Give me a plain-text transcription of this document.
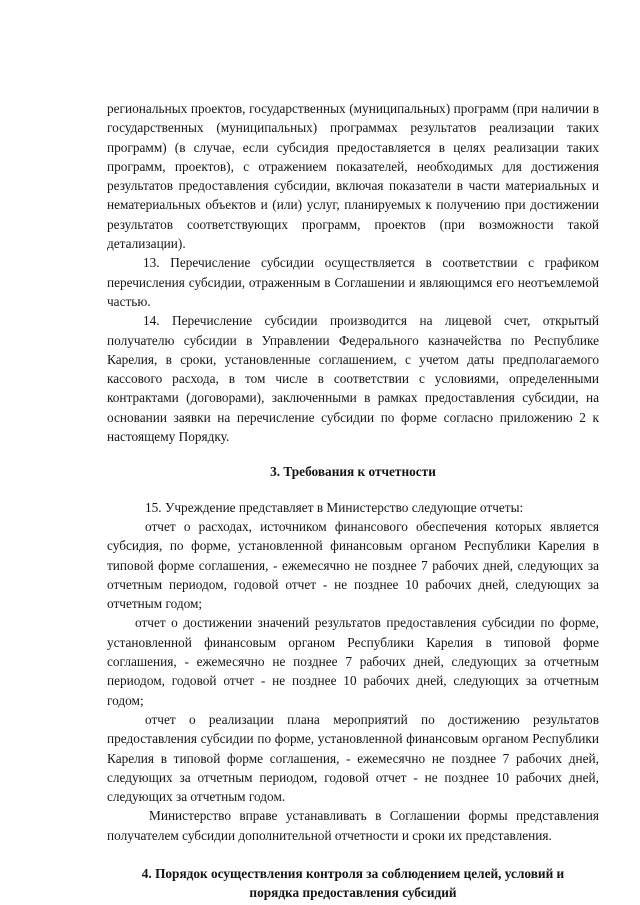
региональных проектов, государственных (муниципальных) программ (при наличии в государственных (муниципальных) программах результатов реализации таких программ) (в случае, если субсидия предоставляется в целях реализации таких программ, проектов), с отражением показателей, необходимых для достижения результатов предоставления субсидии, включая показатели в части материальных и нематериальных объектов и (или) услуг, планируемых к получению при достижении результатов соответствующих программ, проектов (при возможности такой детализации).

13. Перечисление субсидии осуществляется в соответствии с графиком перечисления субсидии, отраженным в Соглашении и являющимся его неотъемлемой частью.

14. Перечисление субсидии производится на лицевой счет, открытый получателю субсидии в Управлении Федерального казначейства по Республике Карелия, в сроки, установленные соглашением, с учетом даты предполагаемого кассового расхода, в том числе в соответствии с условиями, определенными контрактами (договорами), заключенными в рамках предоставления субсидии, на основании заявки на перечисление субсидии по форме согласно приложению 2 к настоящему Порядку.

3. Требования к отчетности

15. Учреждение представляет в Министерство следующие отчеты:

отчет о расходах, источником финансового обеспечения которых является субсидия, по форме, установленной финансовым органом Республики Карелия в типовой форме соглашения, - ежемесячно не позднее 7 рабочих дней, следующих за отчетным периодом, годовой отчет - не позднее 10 рабочих дней, следующих за отчетным годом;

отчет о достижении значений результатов предоставления субсидии по форме, установленной финансовым органом Республики Карелия в типовой форме соглашения, - ежемесячно не позднее 7 рабочих дней, следующих за отчетным периодом, годовой отчет - не позднее 10 рабочих дней, следующих за отчетным годом;

отчет о реализации плана мероприятий по достижению результатов предоставления субсидии по форме, установленной финансовым органом Республики Карелия в типовой форме соглашения, - ежемесячно не позднее 7 рабочих дней, следующих за отчетным периодом, годовой отчет - не позднее 10 рабочих дней, следующих за отчетным годом.

Министерство вправе устанавливать в Соглашении формы представления получателем субсидии дополнительной отчетности и сроки их представления.

4. Порядок осуществления контроля за соблюдением целей, условий и порядка предоставления субсидий
